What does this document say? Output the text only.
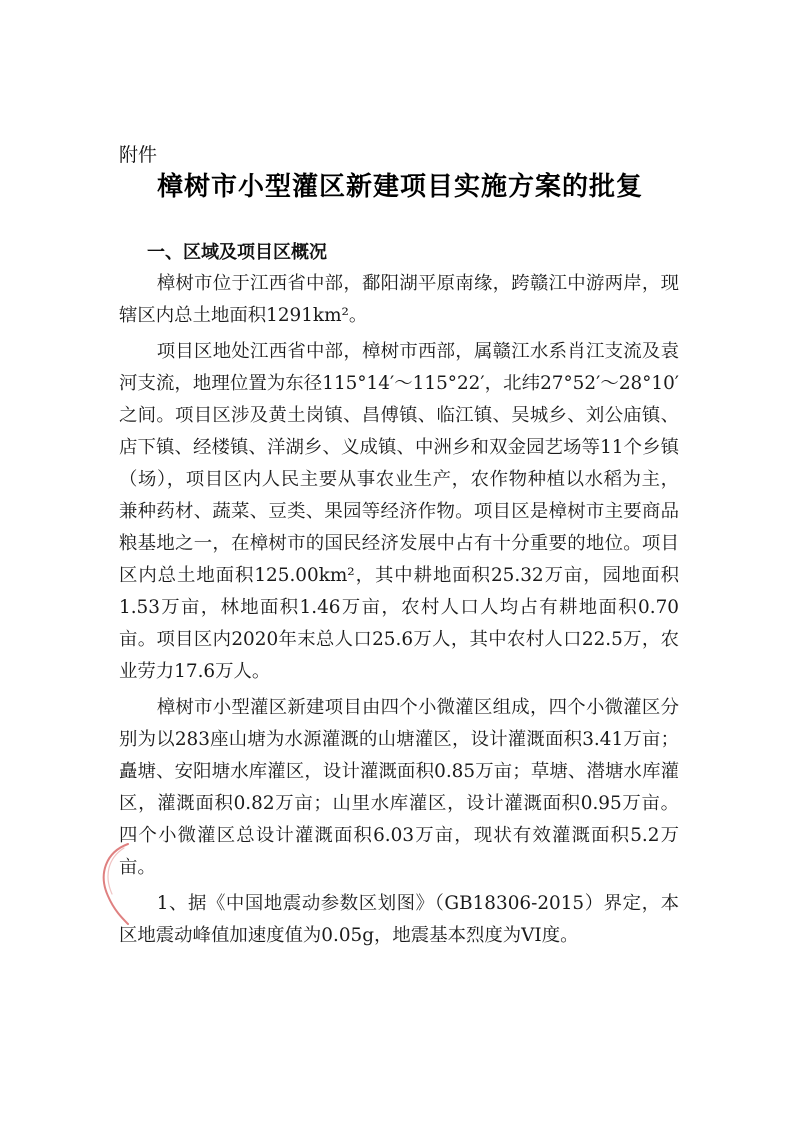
附件
樟树市小型灌区新建项目实施方案的批复
一、区域及项目区概况

樟树市位于江西省中部，鄱阳湖平原南缘，跨赣江中游两岸，现辖区内总土地面积1291km²。

项目区地处江西省中部，樟树市西部，属赣江水系肖江支流及袁河支流，地理位置为东径115°14′～115°22′，北纬27°52′～28°10′之间。项目区涉及黄土岗镇、昌傅镇、临江镇、吴城乡、刘公庙镇、店下镇、经楼镇、洋湖乡、义成镇、中洲乡和双金园艺场等11个乡镇（场），项目区内人民主要从事农业生产，农作物种植以水稻为主，兼种药材、蔬菜、豆类、果园等经济作物。项目区是樟树市主要商品粮基地之一，在樟树市的国民经济发展中占有十分重要的地位。项目区内总土地面积125.00km²，其中耕地面积25.32万亩，园地面积1.53万亩，林地面积1.46万亩，农村人口人均占有耕地面积0.70亩。项目区内2020年末总人口25.6万人，其中农村人口22.5万，农业劳力17.6万人。

樟树市小型灌区新建项目由四个小微灌区组成，四个小微灌区分别为以283座山塘为水源灌溉的山塘灌区，设计灌溉面积3.41万亩；矗塘、安阳塘水库灌区，设计灌溉面积0.85万亩；草塘、潜塘水库灌区，灌溉面积0.82万亩；山里水库灌区，设计灌溉面积0.95万亩。四个小微灌区总设计灌溉面积6.03万亩，现状有效灌溉面积5.2万亩。

1、据《中国地震动参数区划图》（GB18306-2015）界定，本区地震动峰值加速度值为0.05g，地震基本烈度为VI度。
